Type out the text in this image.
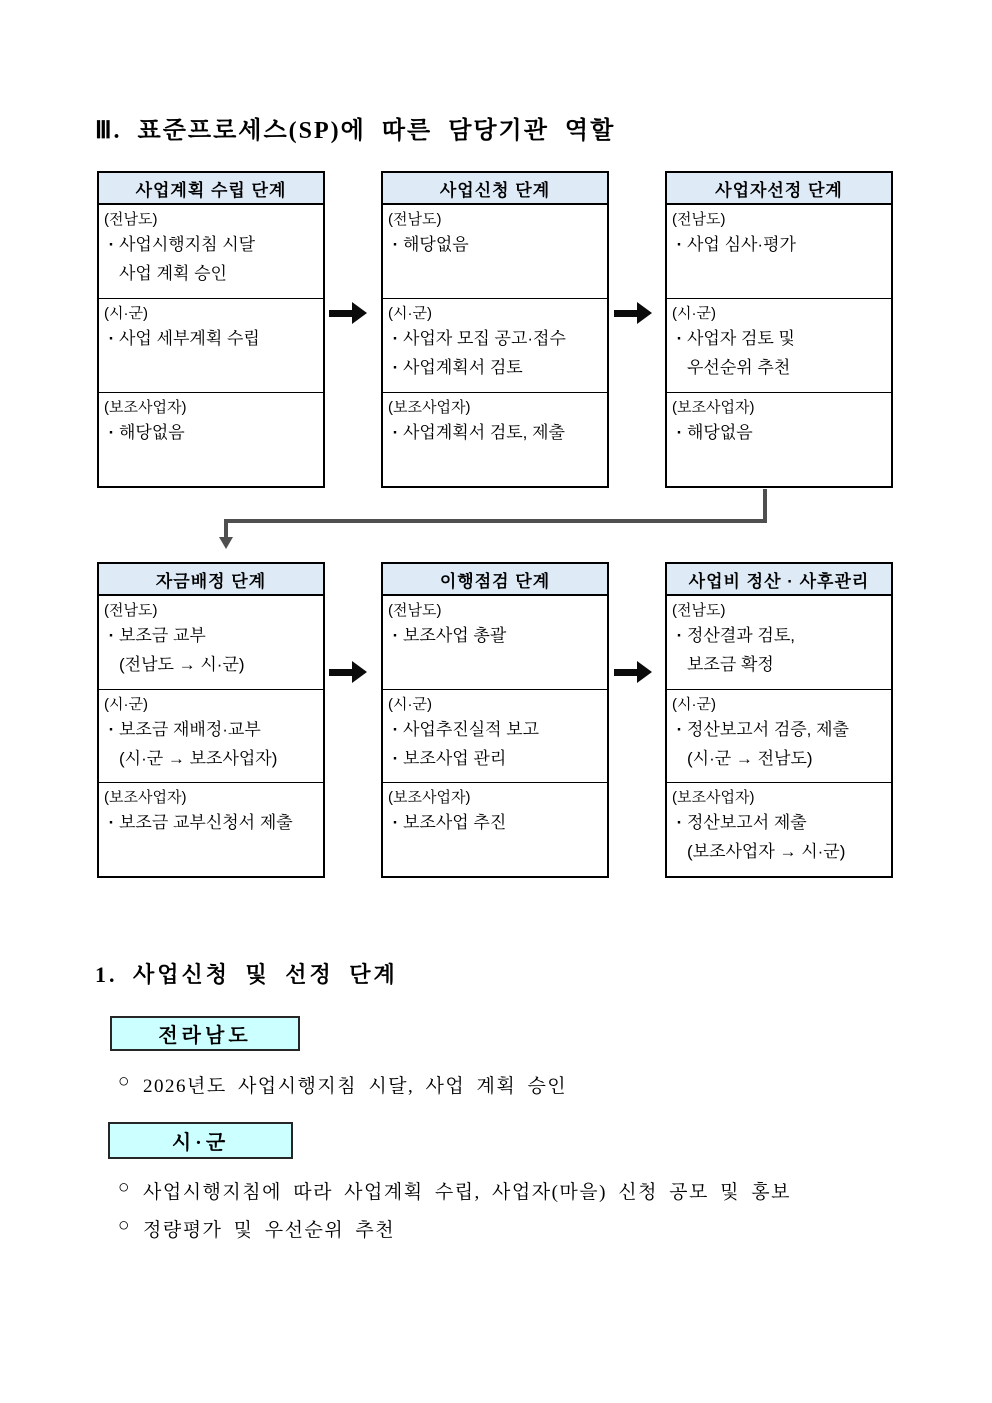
Ⅲ. 표준프로세스(SP)에 따른 담당기관 역할
사업계획 수립 단계
(전남도)
· 사업시행지침 시달
사업 계획 승인
(시·군)
· 사업 세부계획 수립
(보조사업자)
· 해당없음
사업신청 단계
(전남도)
· 해당없음
(시·군)
· 사업자 모집 공고·접수
· 사업계획서 검토
(보조사업자)
· 사업계획서 검토, 제출
사업자선정 단계
(전남도)
· 사업 심사·평가
(시·군)
· 사업자 검토 및
우선순위 추천
(보조사업자)
· 해당없음
자금배정 단계
(전남도)
· 보조금 교부
(전남도 → 시·군)
(시·군)
· 보조금 재배정·교부
(시·군 → 보조사업자)
(보조사업자)
· 보조금 교부신청서 제출
이행점검 단계
(전남도)
· 보조사업 총괄
(시·군)
· 사업추진실적 보고
· 보조사업 관리
(보조사업자)
· 보조사업 추진
사업비 정산 · 사후관리
(전남도)
· 정산결과 검토,
보조금 확정
(시·군)
· 정산보고서 검증, 제출
(시·군 → 전남도)
(보조사업자)
· 정산보고서 제출
(보조사업자 → 시·군)
1. 사업신청 및 선정 단계
전라남도
○ 2026년도 사업시행지침 시달, 사업 계획 승인
시·군
○ 사업시행지침에 따라 사업계획 수립, 사업자(마을) 신청 공모 및 홍보
○ 정량평가 및 우선순위 추천
